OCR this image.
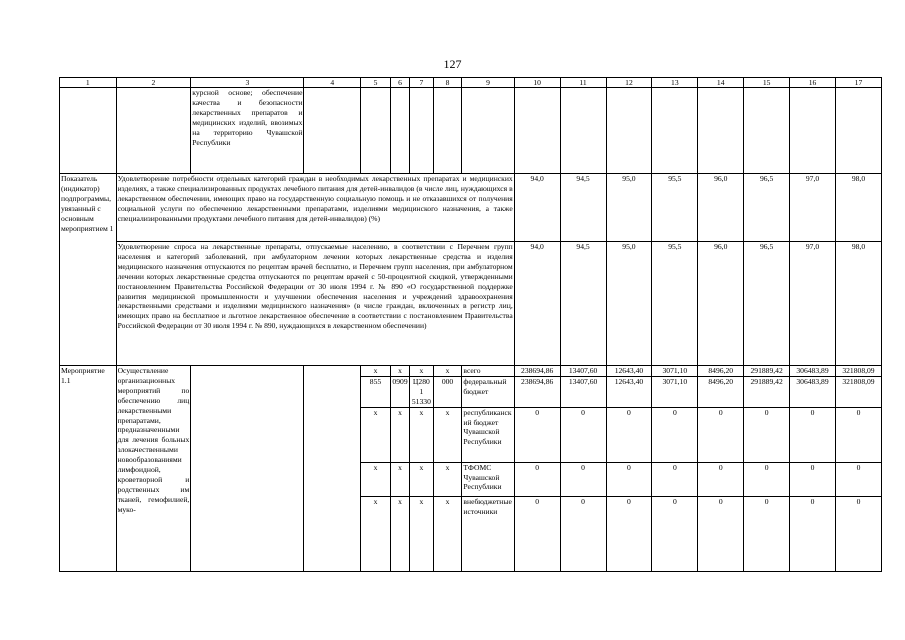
127
1	2	3	4	5	6	7	8	9	10	11	12	13	14	15	16	17
		курсной основе; обеспечение качества и безопасности лекарственных препаратов и медицинских изделий, ввозимых на территорию Чувашской Республики														
Показатель (индикатор) подпрограммы, увязанный с основным мероприятием 1	Удовлетворение потребности отдельных категорий граждан в необходимых лекарственных препаратах и медицинских изделиях, а также специализированных продуктах лечебного питания для детей-инвалидов (в числе лиц, нуждающихся в лекарственном обеспечении, имеющих право на государственную социальную помощь и не отказавшихся от получения социальной услуги по обеспечению лекарственными препаратами, изделиями медицинского назначения, а также специализированными продуктами лечебного питания для детей-инвалидов) (%)								94,0	94,5	95,0	95,5	96,0	96,5	97,0	98,0
	Удовлетворение спроса на лекарственные препараты, отпускаемые населению, в соответствии с Перечнем групп населения и категорий заболеваний, при амбулаторном лечении которых лекарственные средства и изделия медицинского назначения отпускаются по рецептам врачей бесплатно, и Перечнем групп населения, при амбулаторном лечении которых лекарственные средства отпускаются по рецептам врачей с 50-процентной скидкой, утвержденными постановлением Правительства Российской Федерации от 30 июля 1994 г. № 890 «О государственной поддержке развития медицинской промышленности и улучшении обеспечения населения и учреждений здравоохранения лекарственными средствами и изделиями медицинского назначения» (в числе граждан, включенных в регистр лиц, имеющих право на бесплатное и льготное лекарственное обеспечение в соответствии с постановлением Правительства Российской Федерации от 30 июля 1994 г. № 890, нуждающихся в лекарственном обеспечении)								94,0	94,5	95,0	95,5	96,0	96,5	97,0	98,0
Мероприятие 1.1	Осуществление организационных мероприятий по обеспечению лиц лекарственными препаратами, предназначенными для лечения больных злокачественными новообразованиями лимфоидной, кроветворной и родственных им тканей, гемофилией, муко-			x	x	x	x	всего	238694,86	13407,60	12643,40	3071,10	8496,20	291889,42	306483,89	321808,09
				855	0909	Ц2801 51330	000	федеральный бюджет	238694,86	13407,60	12643,40	3071,10	8496,20	291889,42	306483,89	321808,09
				x	x	x	x	республиканский бюджет Чувашской Республики	0	0	0	0	0	0	0	0
				x	x	x	x	ТФОМС Чувашской Республики	0	0	0	0	0	0	0	0
				x	x	x	x	внебюджетные источники	0	0	0	0	0	0	0	0
